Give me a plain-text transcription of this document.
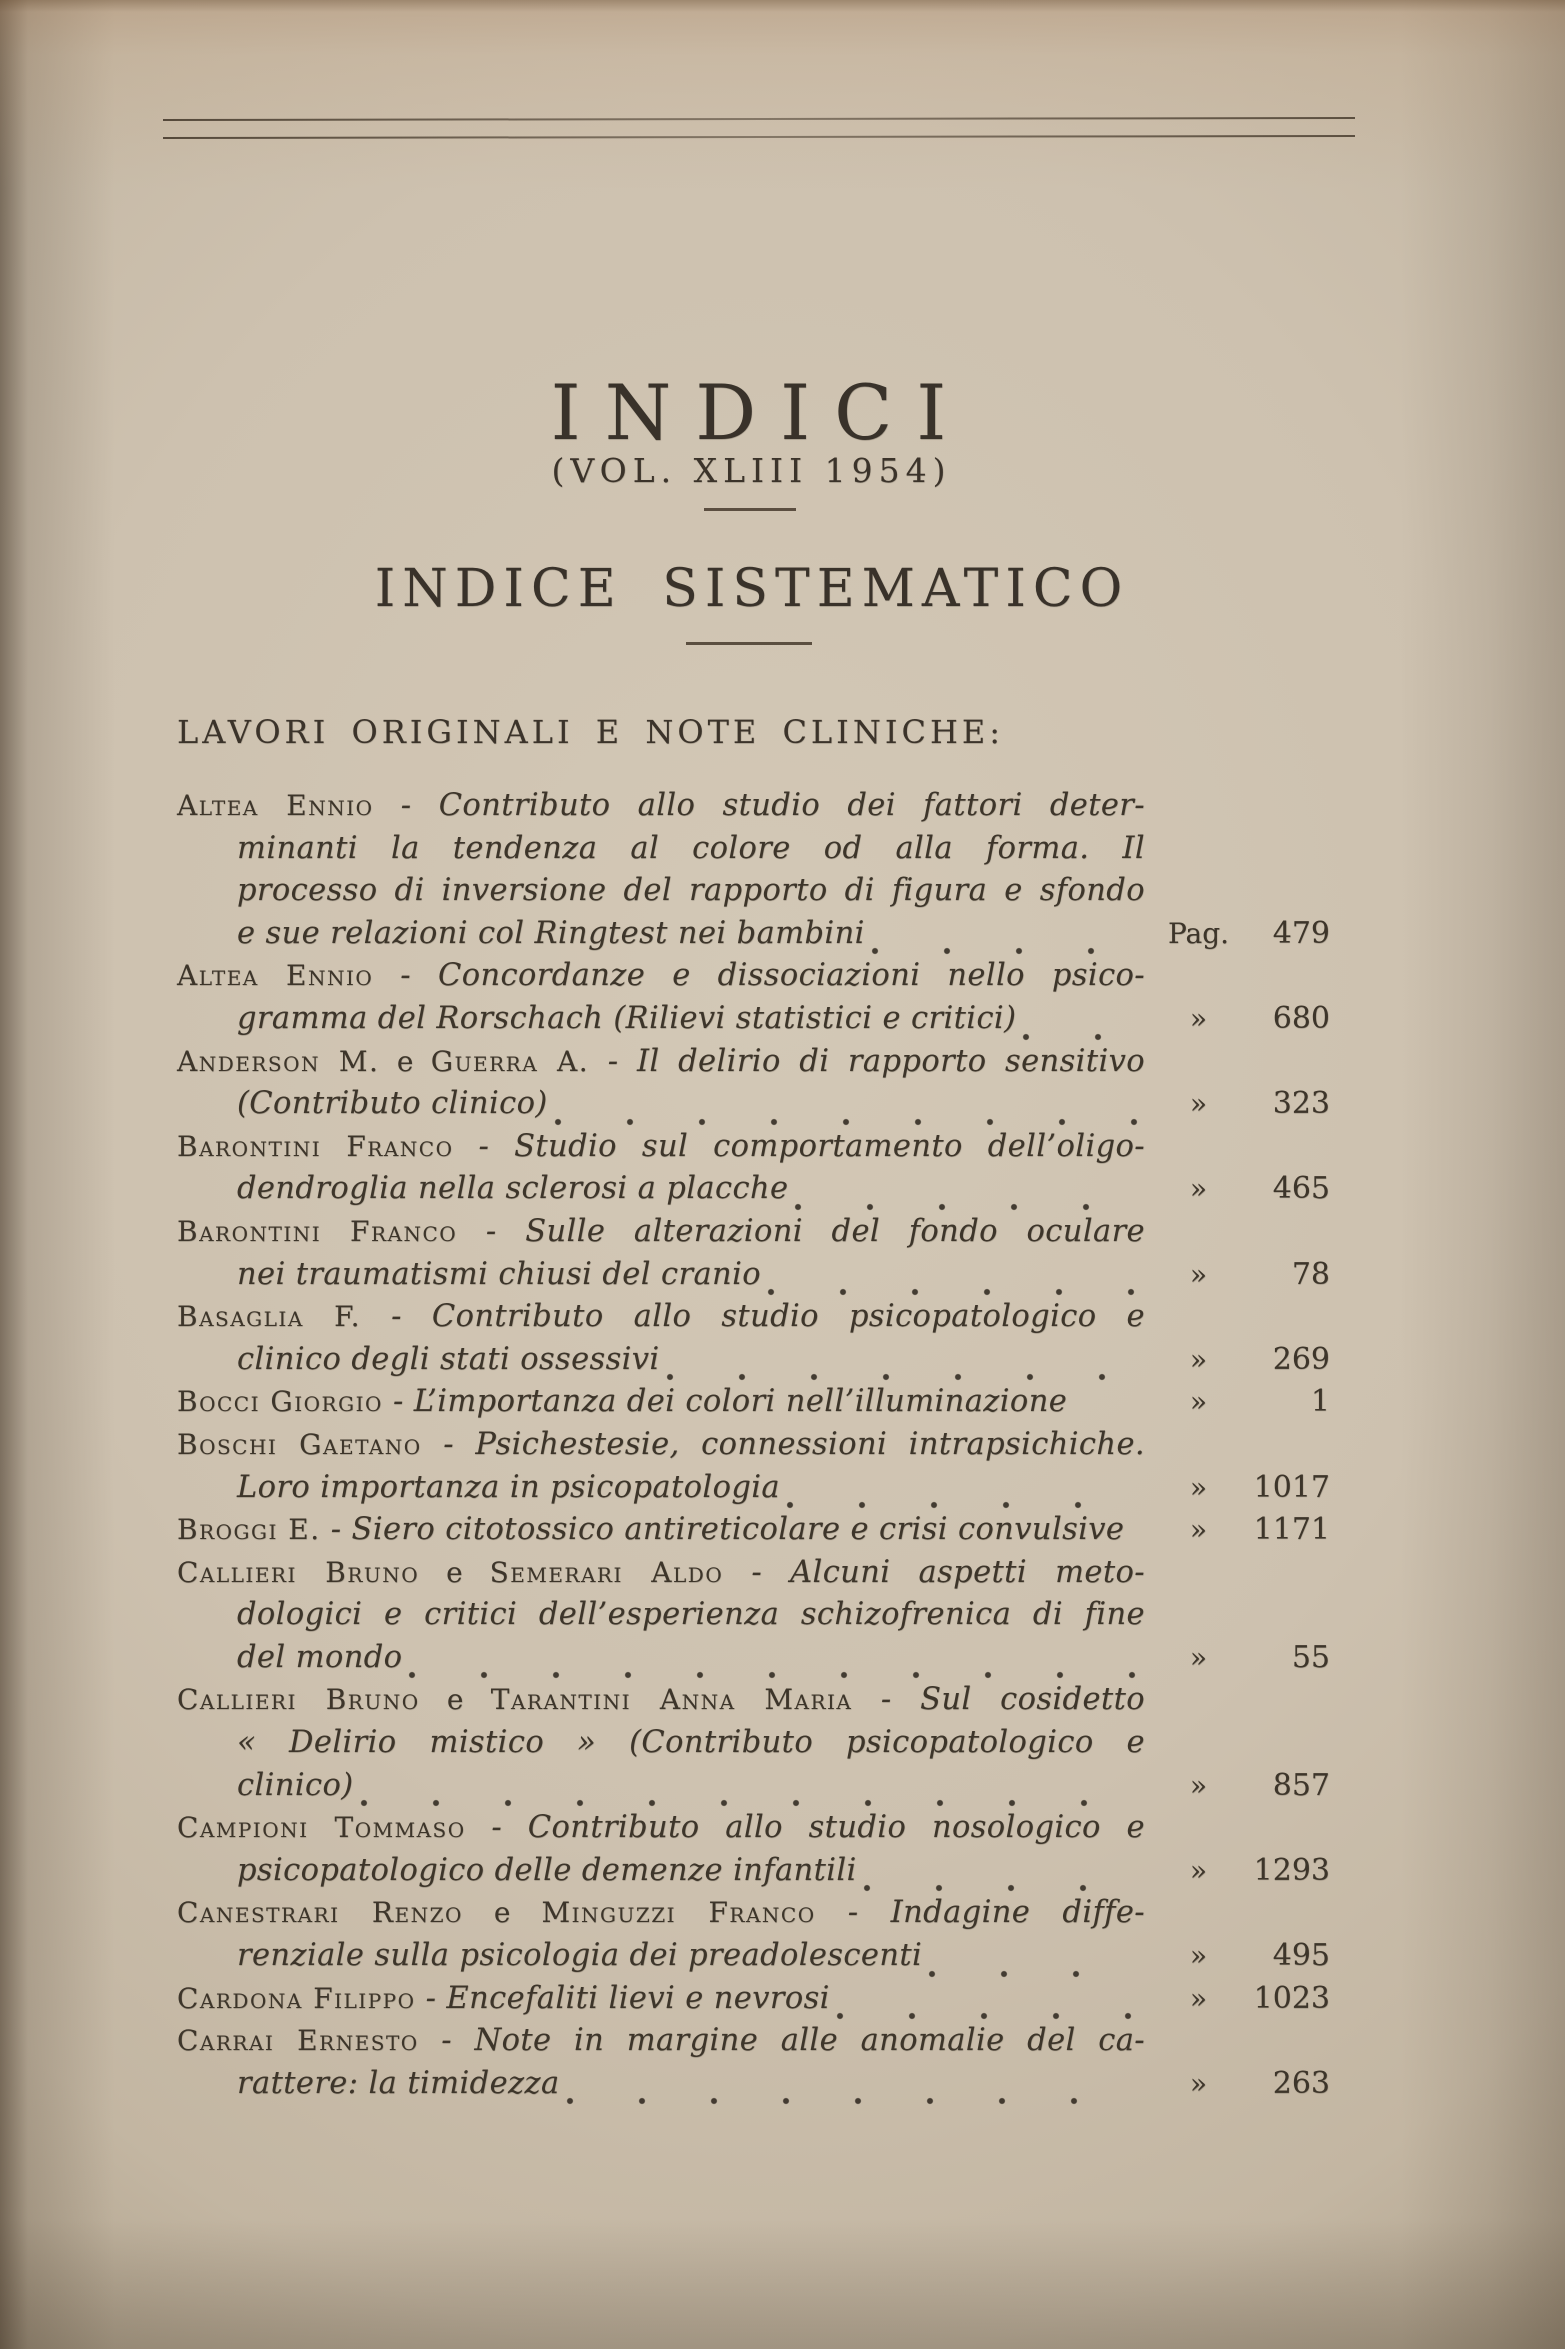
INDICI
(VOL. XLIII 1954)
INDICE SISTEMATICO
LAVORI ORIGINALI E NOTE CLINICHE:
Altea Ennio - Contributo allo studio dei fattori deter-
minanti la tendenza al colore od alla forma. Il
processo di inversione del rapporto di figura e sfondo
e sue relazioni col Ringtest nei bambini	Pag.	479
Altea Ennio - Concordanze e dissociazioni nello psico-
gramma del Rorschach (Rilievi statistici e critici)	»	680
Anderson M. e Guerra A. - Il delirio di rapporto sensitivo
(Contributo clinico)	»	323
Barontini Franco - Studio sul comportamento dell’oligo-
dendroglia nella sclerosi a placche	»	465
Barontini Franco - Sulle alterazioni del fondo oculare
nei traumatismi chiusi del cranio	»	78
Basaglia F. - Contributo allo studio psicopatologico e
clinico degli stati ossessivi	»	269
Bocci Giorgio - L’importanza dei colori nell’illuminazione	»	1
Boschi Gaetano - Psichestesie, connessioni intrapsichiche.
Loro importanza in psicopatologia	»	1017
Broggi E. - Siero citotossico antireticolare e crisi convulsive	»	1171
Callieri Bruno e Semerari Aldo - Alcuni aspetti meto-
dologici e critici dell’esperienza schizofrenica di fine
del mondo	»	55
Callieri Bruno e Tarantini Anna Maria - Sul cosidetto
« Delirio mistico » (Contributo psicopatologico e
clinico)	»	857
Campioni Tommaso - Contributo allo studio nosologico e
psicopatologico delle demenze infantili	»	1293
Canestrari Renzo e Minguzzi Franco - Indagine diffe-
renziale sulla psicologia dei preadolescenti	»	495
Cardona Filippo - Encefaliti lievi e nevrosi	»	1023
Carrai Ernesto - Note in margine alle anomalie del ca-
rattere: la timidezza	»	263
